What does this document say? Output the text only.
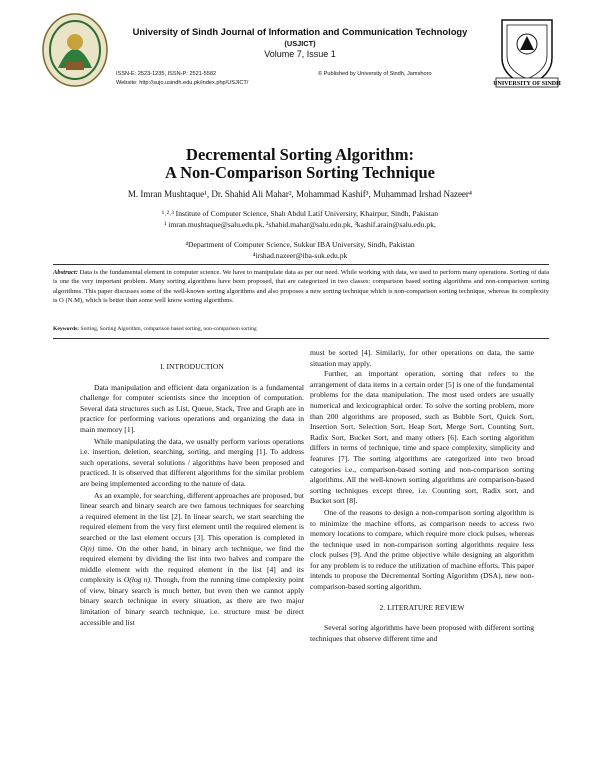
University of Sindh Journal of Information and Communication Technology
(USJICT)
Volume 7, Issue 1
ISSN-E: 2523-1235, ISSN-P: 2521-5582	© Published by University of Sindh, Jamshoro
Website: http://sujo.usindh.edu.pk/index.php/USJICT/	UNIVERSITY OF SINDH
Decremental Sorting Algorithm:
A Non-Comparison Sorting Technique
M. Imran Mushtaque¹, Dr. Shahid Ali Mahar², Mohammad Kashif³, Muhammad Irshad Nazeer⁴
¹˒²˒³ Institute of Computer Science, Shah Abdul Latif University, Khairpur, Sindh, Pakistan
¹ imran.mushtaque@salu.edu.pk, ²shahid.mahar@salu.edu.pk, ³kashif.arain@salu.edu.pk,
⁴Department of Computer Science, Sukkur IBA University, Sindh, Pakistan
⁴irshad.nazeer@iba-suk.edu.pk
Abstract: Data is the fundamental element in computer science. We have to manipulate data as per our need. While working with data, we used to perform many operations. Sorting of data is one the very important problem. Many sorting algorithms have been proposed, that are categorized in two classes: comparison based sorting algorithms and non-comparison sorting algorithms. This paper discusses some of the well-known sorting algorithms and also proposes a new sorting technique which is non-comparison sorting technique, whereas its complexity is O (N.M), which is better than some well know sorting algorithms.
Keywords: Sorting, Sorting Algorithm, comparison based sorting, non-comparison sorting
I. INTRODUCTION

Data manipulation and efficient data organization is a fundamental challenge for computer scientists since the inception of computation. Several data structures such as List, Queue, Stack, Tree and Graph are in practice for performing various operations and organizing the data in main memory [1].

While manipulating the data, we usually perform various operations i.e. insertion, deletion, searching, sorting, and merging [1]. To address such operations, several solutions / algorithms have been proposed and practiced. It is observed that different algorithms for the similar problem are being implemented according to the nature of data.

As an example, for searching, different approaches are proposed, but linear search and binary search are two famous techniques for searching a required element in the list [2]. In linear search, we start searching the required element from the very first element until the required element is searched or the last element occurs [3]. This operation is completed in O(n) time. On the other hand, in binary arch technique, we find the required element by dividing the list into two halves and compare the middle element with the required element in the list [4] and its complexity is O(log n). Though, from the running time complexity point of view, binary search is much better, but even then we cannot apply binary search technique in every situation, as there are two major limitation of binary search technique, i.e. structure must be direct accessible and list

must be sorted [4]. Similarly, for other operations on data, the same situation may apply.

Further, an important operation, sorting that refers to the arrangement of data items in a certain order [5] is one of the fundamental problems for the data manipulation. The most used orders are usually numerical and lexicographical order. To solve the sorting problem, more than 200 algorithms are proposed, such as Bubble Sort, Quick Sort, Insertion Sort, Selection Sort, Heap Sort, Merge Sort, Counting Sort, Radix Sort, Bucket Sort, and many others [6]. Each sorting algorithm differs in terms of technique, time and space complexity, simplicity and features [7]. The sorting algorithms are categorized into two broad categories i.e., comparison-based sorting and non-comparison sorting algorithms. All the well-known sorting algorithms are comparison-based sorting techniques except three, i.e. Counting sort, Radix sort, and Bucket sort [8].

One of the reasons to design a non-comparison sorting algorithm is to minimize the machine efforts, as comparison needs to access two memory locations to compare, which require more clock pulses, whereas the technique used in non-comparison sorting algorithms require less clock pulses [9]. And the prime objective while designing an algorithm for any problem is to reduce the utilization of machine efforts. This paper intends to propose the Decremental Sorting Algorithm (DSA), new non-comparison-based sorting algorithm.

2. LITERATURE REVIEW

Several soring algorithms have been proposed with different sorting techniques that observe different time and
